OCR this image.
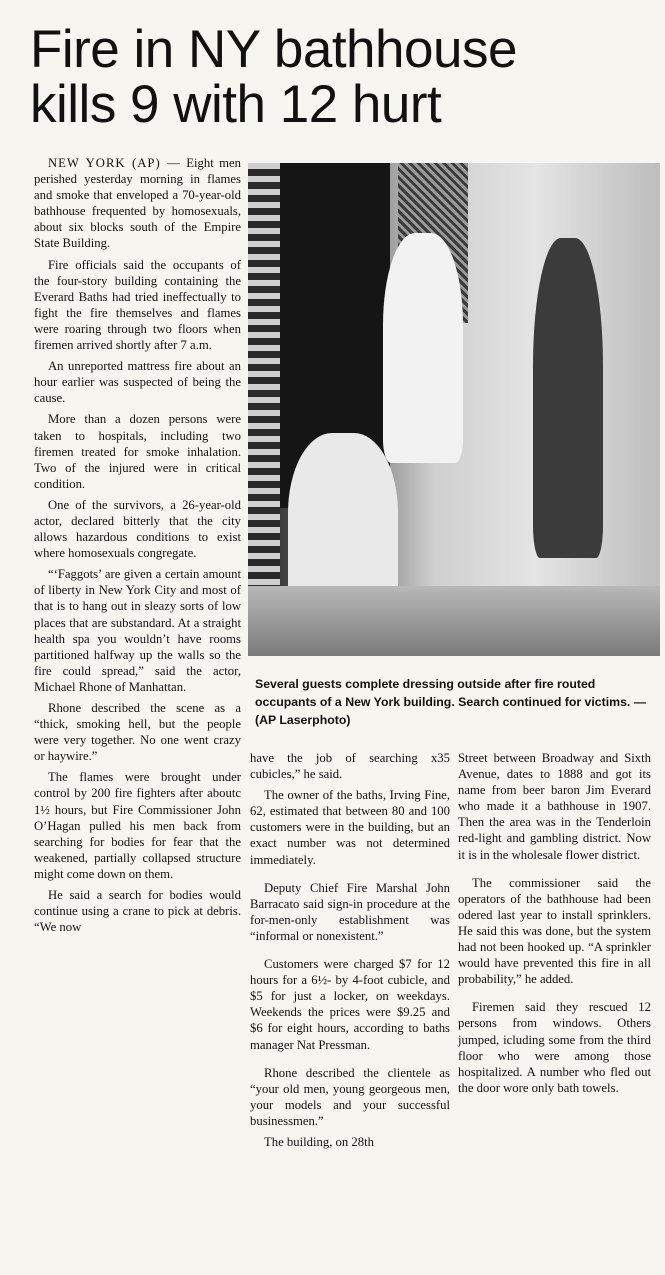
Fire in NY bathhouse
kills 9 with 12 hurt

NEW YORK (AP) — Eight men perished yesterday morning in flames and smoke that enveloped a 70-year-old bathhouse frequented by homosexuals, about six blocks south of the Empire State Building.

Fire officials said the occupants of the four-story building containing the Everard Baths had tried ineffectually to fight the fire themselves and flames were roaring through two floors when firemen arrived shortly after 7 a.m.

An unreported mattress fire about an hour earlier was suspected of being the cause.

More than a dozen persons were taken to hospitals, including two firemen treated for smoke inhalation. Two of the injured were in critical condition.

One of the survivors, a 26-year-old actor, declared bitterly that the city allows hazardous conditions to exist where homosexuals congregate.

“‘Faggots’ are given a certain amount of liberty in New York City and most of that is to hang out in sleazy sorts of low places that are substandard. At a straight health spa you wouldn’t have rooms partitioned halfway up the walls so the fire could spread,” said the actor, Michael Rhone of Manhattan.

Rhone described the scene as a “thick, smoking hell, but the people were very together. No one went crazy or haywire.”

The flames were brought under control by 200 fire fighters after aboutc 1½ hours, but Fire Commissioner John O’Hagan pulled his men back from searching for bodies for fear that the weakened, partially collapsed structure might come down on them.

He said a search for bodies would continue using a crane to pick at debris. “We now

Several guests complete dressing outside after fire routed occupants of a New York building. Search continued for victims. — (AP Laserphoto)

have the job of searching x35 cubicles,” he said.

The owner of the baths, Irving Fine, 62, estimated that between 80 and 100 customers were in the building, but an exact number was not determined immediately.

Deputy Chief Fire Marshal John Barracato said sign-in procedure at the for-men-only establishment was “informal or nonexistent.”

Customers were charged $7 for 12 hours for a 6½- by 4-foot cubicle, and $5 for just a locker, on weekdays. Weekends the prices were $9.25 and $6 for eight hours, according to baths manager Nat Pressman.

Rhone described the clientele as “your old men, young georgeous men, your models and your successful businessmen.”

The building, on 28th

Street between Broadway and Sixth Avenue, dates to 1888 and got its name from beer baron Jim Everard who made it a bathhouse in 1907. Then the area was in the Tenderloin red-light and gambling district. Now it is in the wholesale flower district.

The commissioner said the operators of the bathhouse had been odered last year to install sprinklers. He said this was done, but the system had not been hooked up. “A sprinkler would have prevented this fire in all probability,” he added.

Firemen said they rescued 12 persons from windows. Others jumped, icluding some from the third floor who were among those hospitalized. A number who fled out the door wore only bath towels.
